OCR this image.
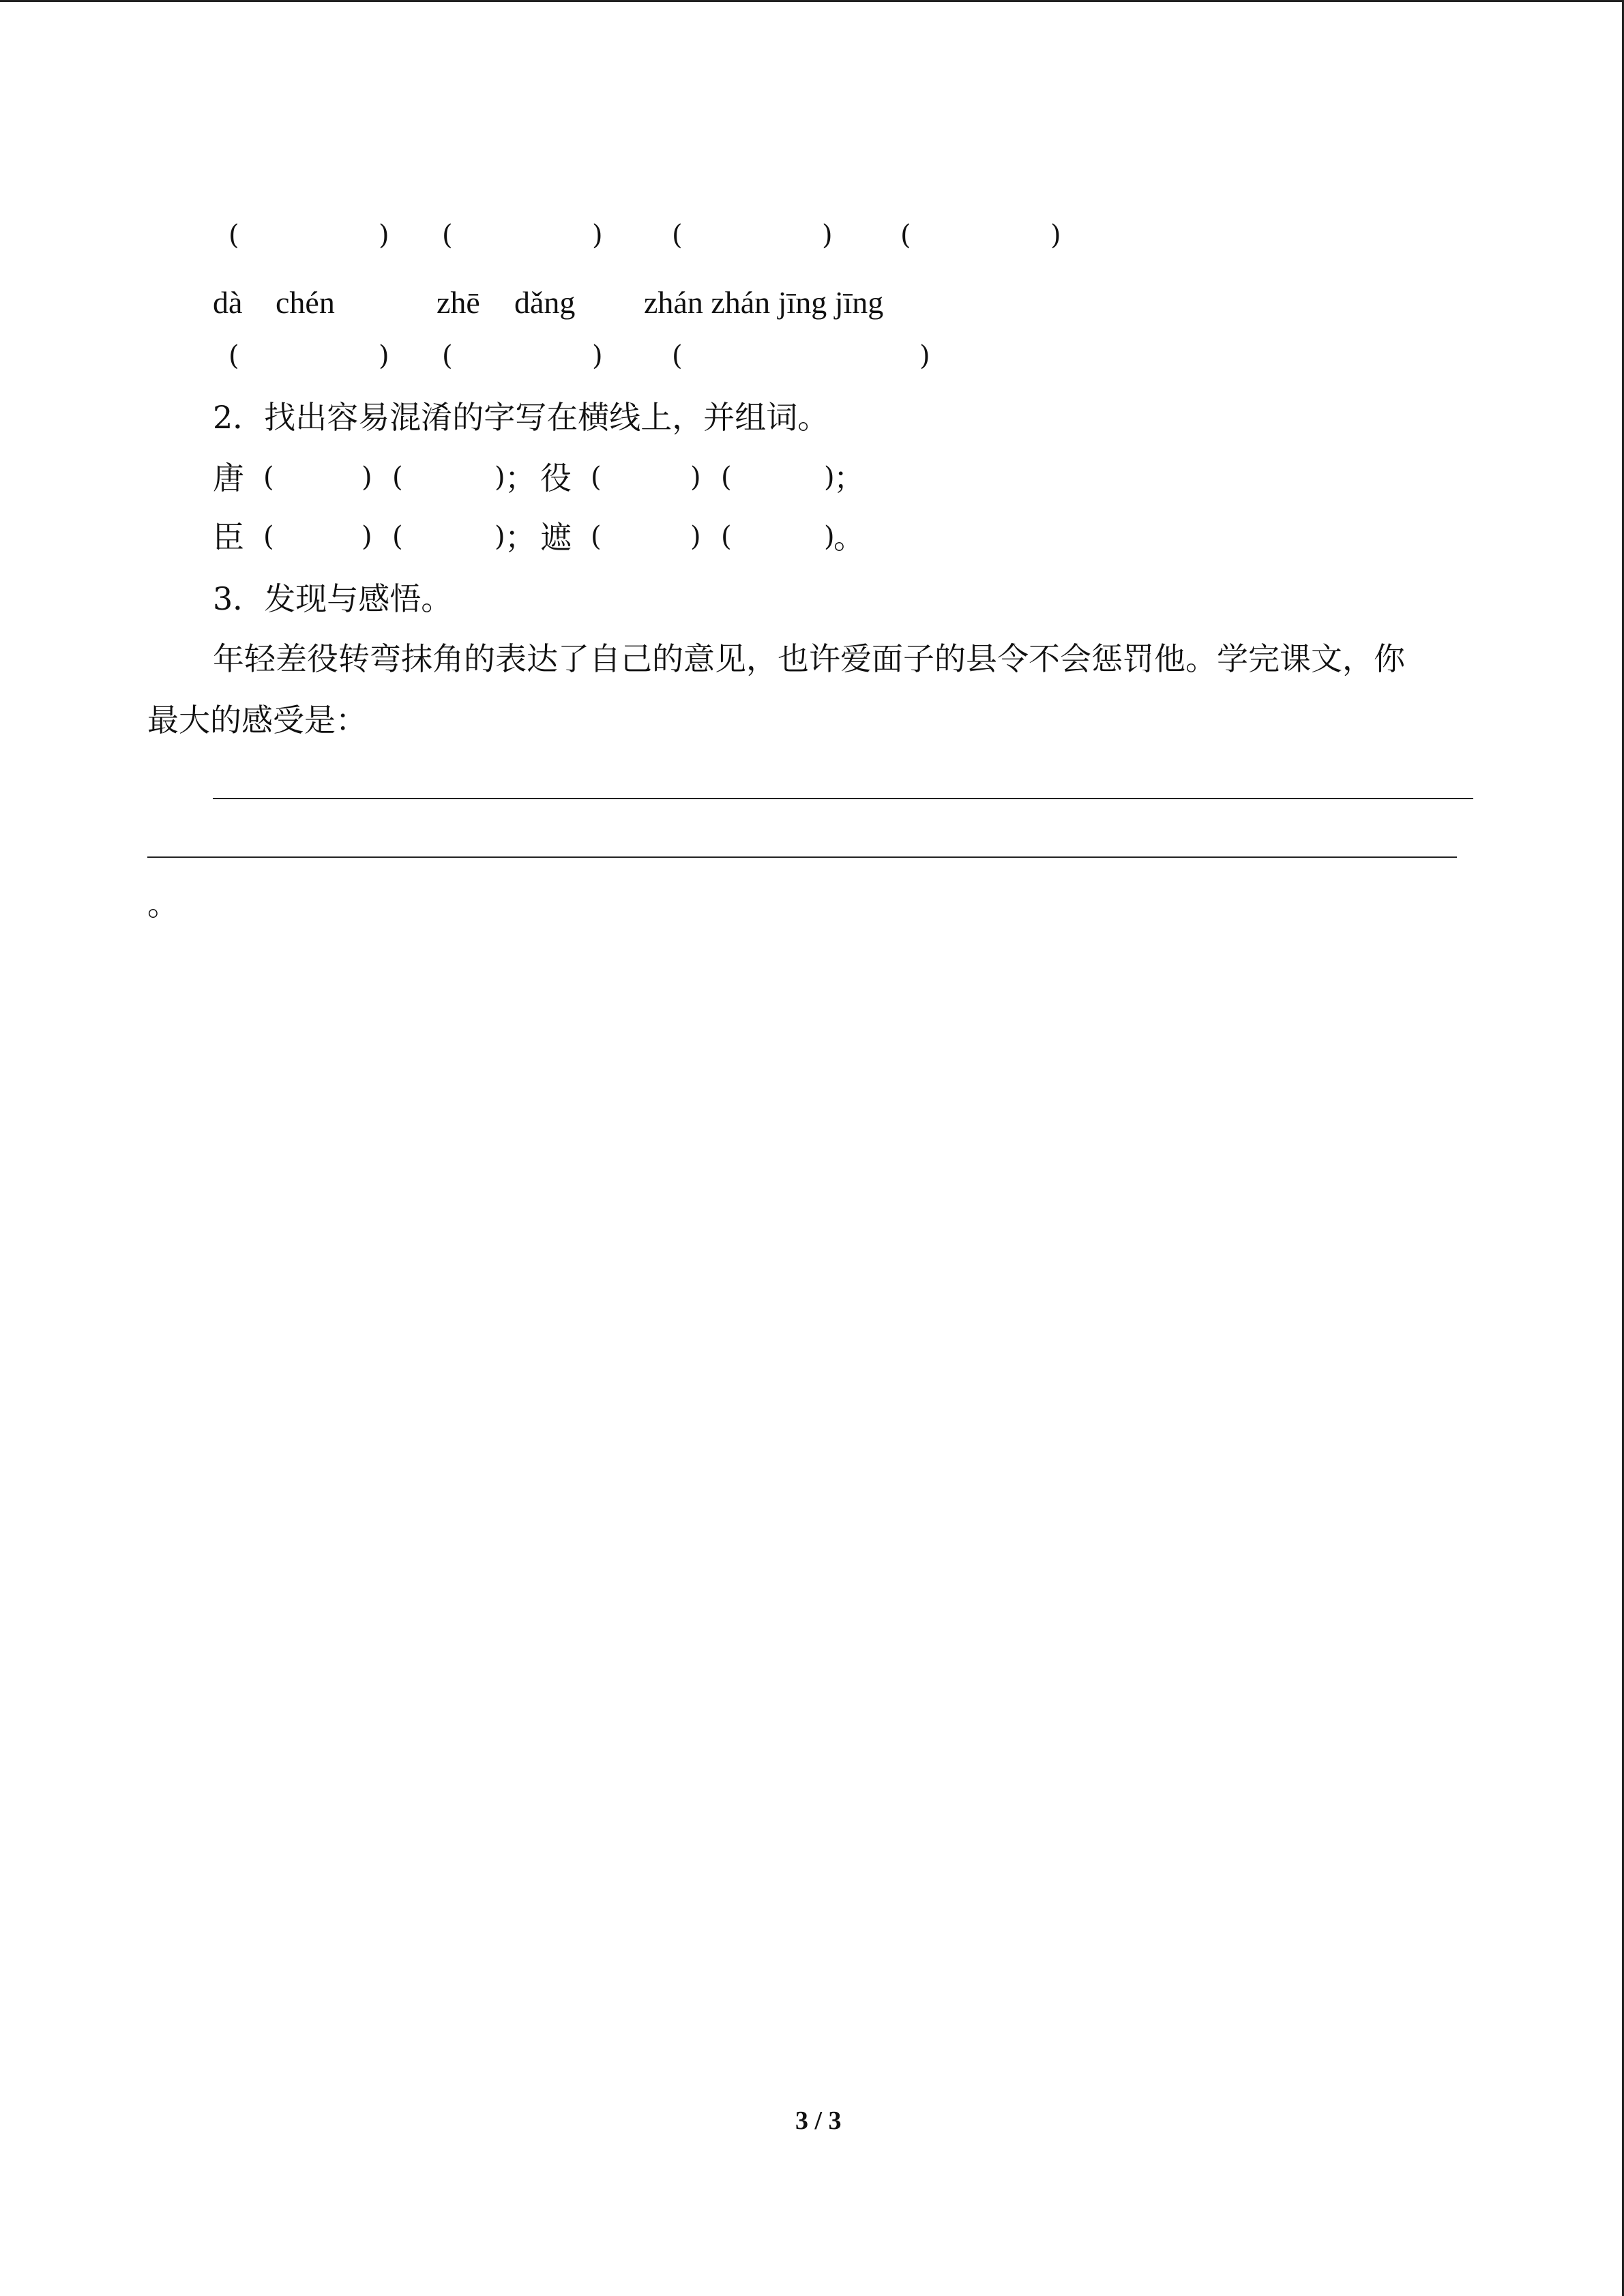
(	) (	)	(	) (	)
dà chén	zhē dǎng zhán zhán jīng jīng
(	) (	)	(	)
2．找出容易混淆的字写在横线上，并组词。
唐 (	) (	) ； 役 (	) (	)
；
臣 (	) (	) ； 遮 (	) (	)
。
3．发现与感悟。
年轻差役转弯抹角的表达了自己的意见，也许爱面子的县令不会惩罚他。学完课文，你
最大的感受是：
。
3 / 3
